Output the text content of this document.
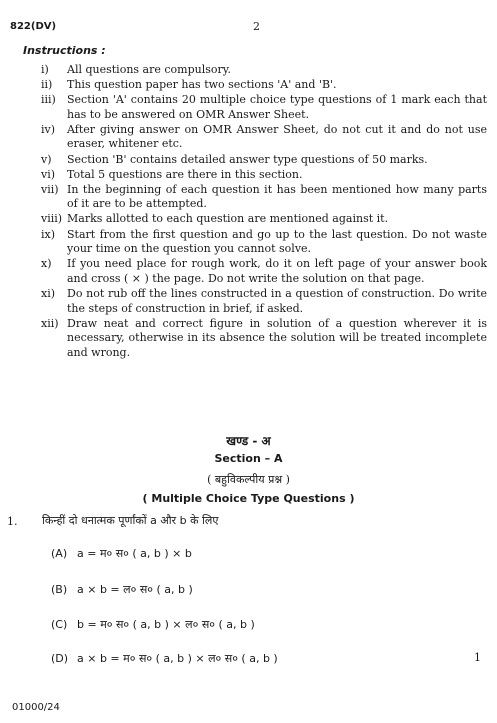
822(DV)	2
Instructions :
i)	All questions are compulsory.
ii)	This question paper has two sections 'A' and 'B'.
iii)	Section 'A' contains 20 multiple choice type questions of 1 mark each that has to be answered on OMR Answer Sheet.
iv)	After giving answer on OMR Answer Sheet, do not cut it and do not use eraser, whitener etc.
v)	Section 'B' contains detailed answer type questions of 50 marks.
vi)	Total 5 questions are there in this section.
vii) In the beginning of each question it has been mentioned how many parts of it are to be attempted.
viii) Marks allotted to each question are mentioned against it.
ix)	Start from the first question and go up to the last question. Do not waste your time on the question you cannot solve.
x)	If you need place for rough work, do it on left page of your answer book and cross ( × ) the page. Do not write the solution on that page.
xi)	Do not rub off the lines constructed in a question of construction. Do write the steps of construction in brief, if asked.
xii) Draw neat and correct figure in solution of a question wherever it is necessary, otherwise in its absence the solution will be treated incomplete and wrong.
खण्ड - अ
Section – A
( बहुविकल्पीय प्रश्न )
( Multiple Choice Type Questions )
1. किन्हीं दो धनात्मक पूर्णांकों a और b के लिए
(A) a = म० स० ( a, b ) × b
(B) a × b = ल० स० ( a, b )
(C) b = म० स० ( a, b ) × ल० स० ( a, b )
(D) a × b = म० स० ( a, b ) × ल० स० ( a, b )	1
01000/24
